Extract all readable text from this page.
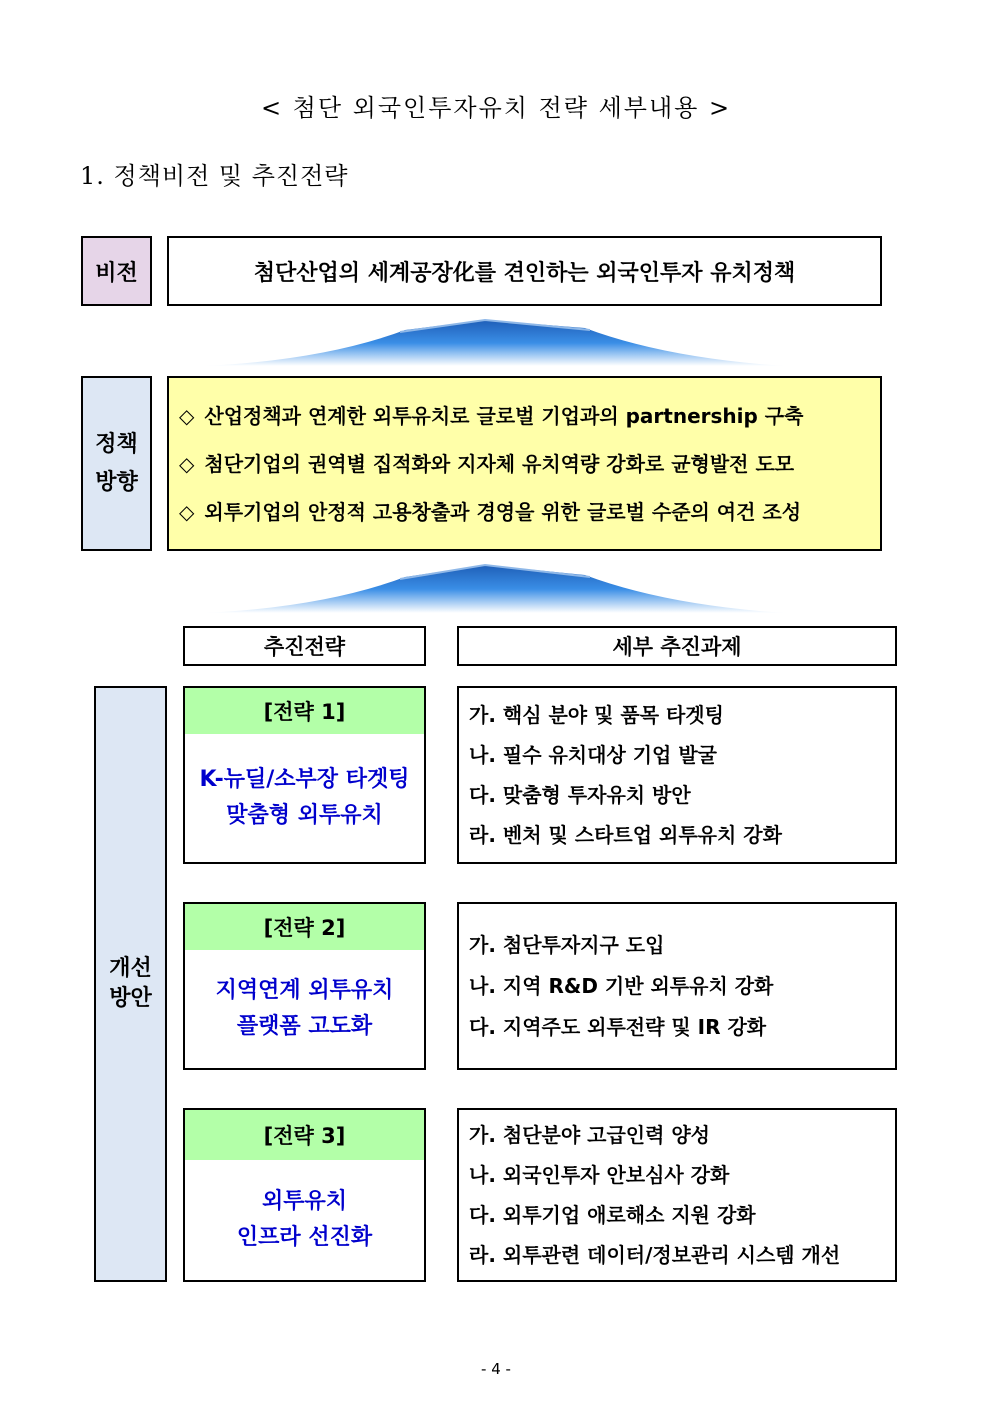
< 첨단 외국인투자유치 전략 세부내용 >
1. 정책비전 및 추진전략
비전	첨단산업의 세계공장化를 견인하는 외국인투자 유치정책
정책
방향
◇ 산업정책과 연계한 외투유치로 글로벌 기업과의 partnership 구축
◇ 첨단기업의 권역별 집적화와 지자체 유치역량 강화로 균형발전 도모
◇ 외투기업의 안정적 고용창출과 경영을 위한 글로벌 수준의 여건 조성
추진전략	세부 추진과제
개선
방안
[전략 1]
K-뉴딜/소부장 타겟팅
맞춤형 외투유치
가. 핵심 분야 및 품목 타겟팅
나. 필수 유치대상 기업 발굴
다. 맞춤형 투자유치 방안
라. 벤처 및 스타트업 외투유치 강화
[전략 2]
지역연계 외투유치
플랫폼 고도화
가. 첨단투자지구 도입
나. 지역 R&D 기반 외투유치 강화
다. 지역주도 외투전략 및 IR 강화
[전략 3]
외투유치
인프라 선진화
가. 첨단분야 고급인력 양성
나. 외국인투자 안보심사 강화
다. 외투기업 애로해소 지원 강화
라. 외투관련 데이터/정보관리 시스템 개선
- 4 -
